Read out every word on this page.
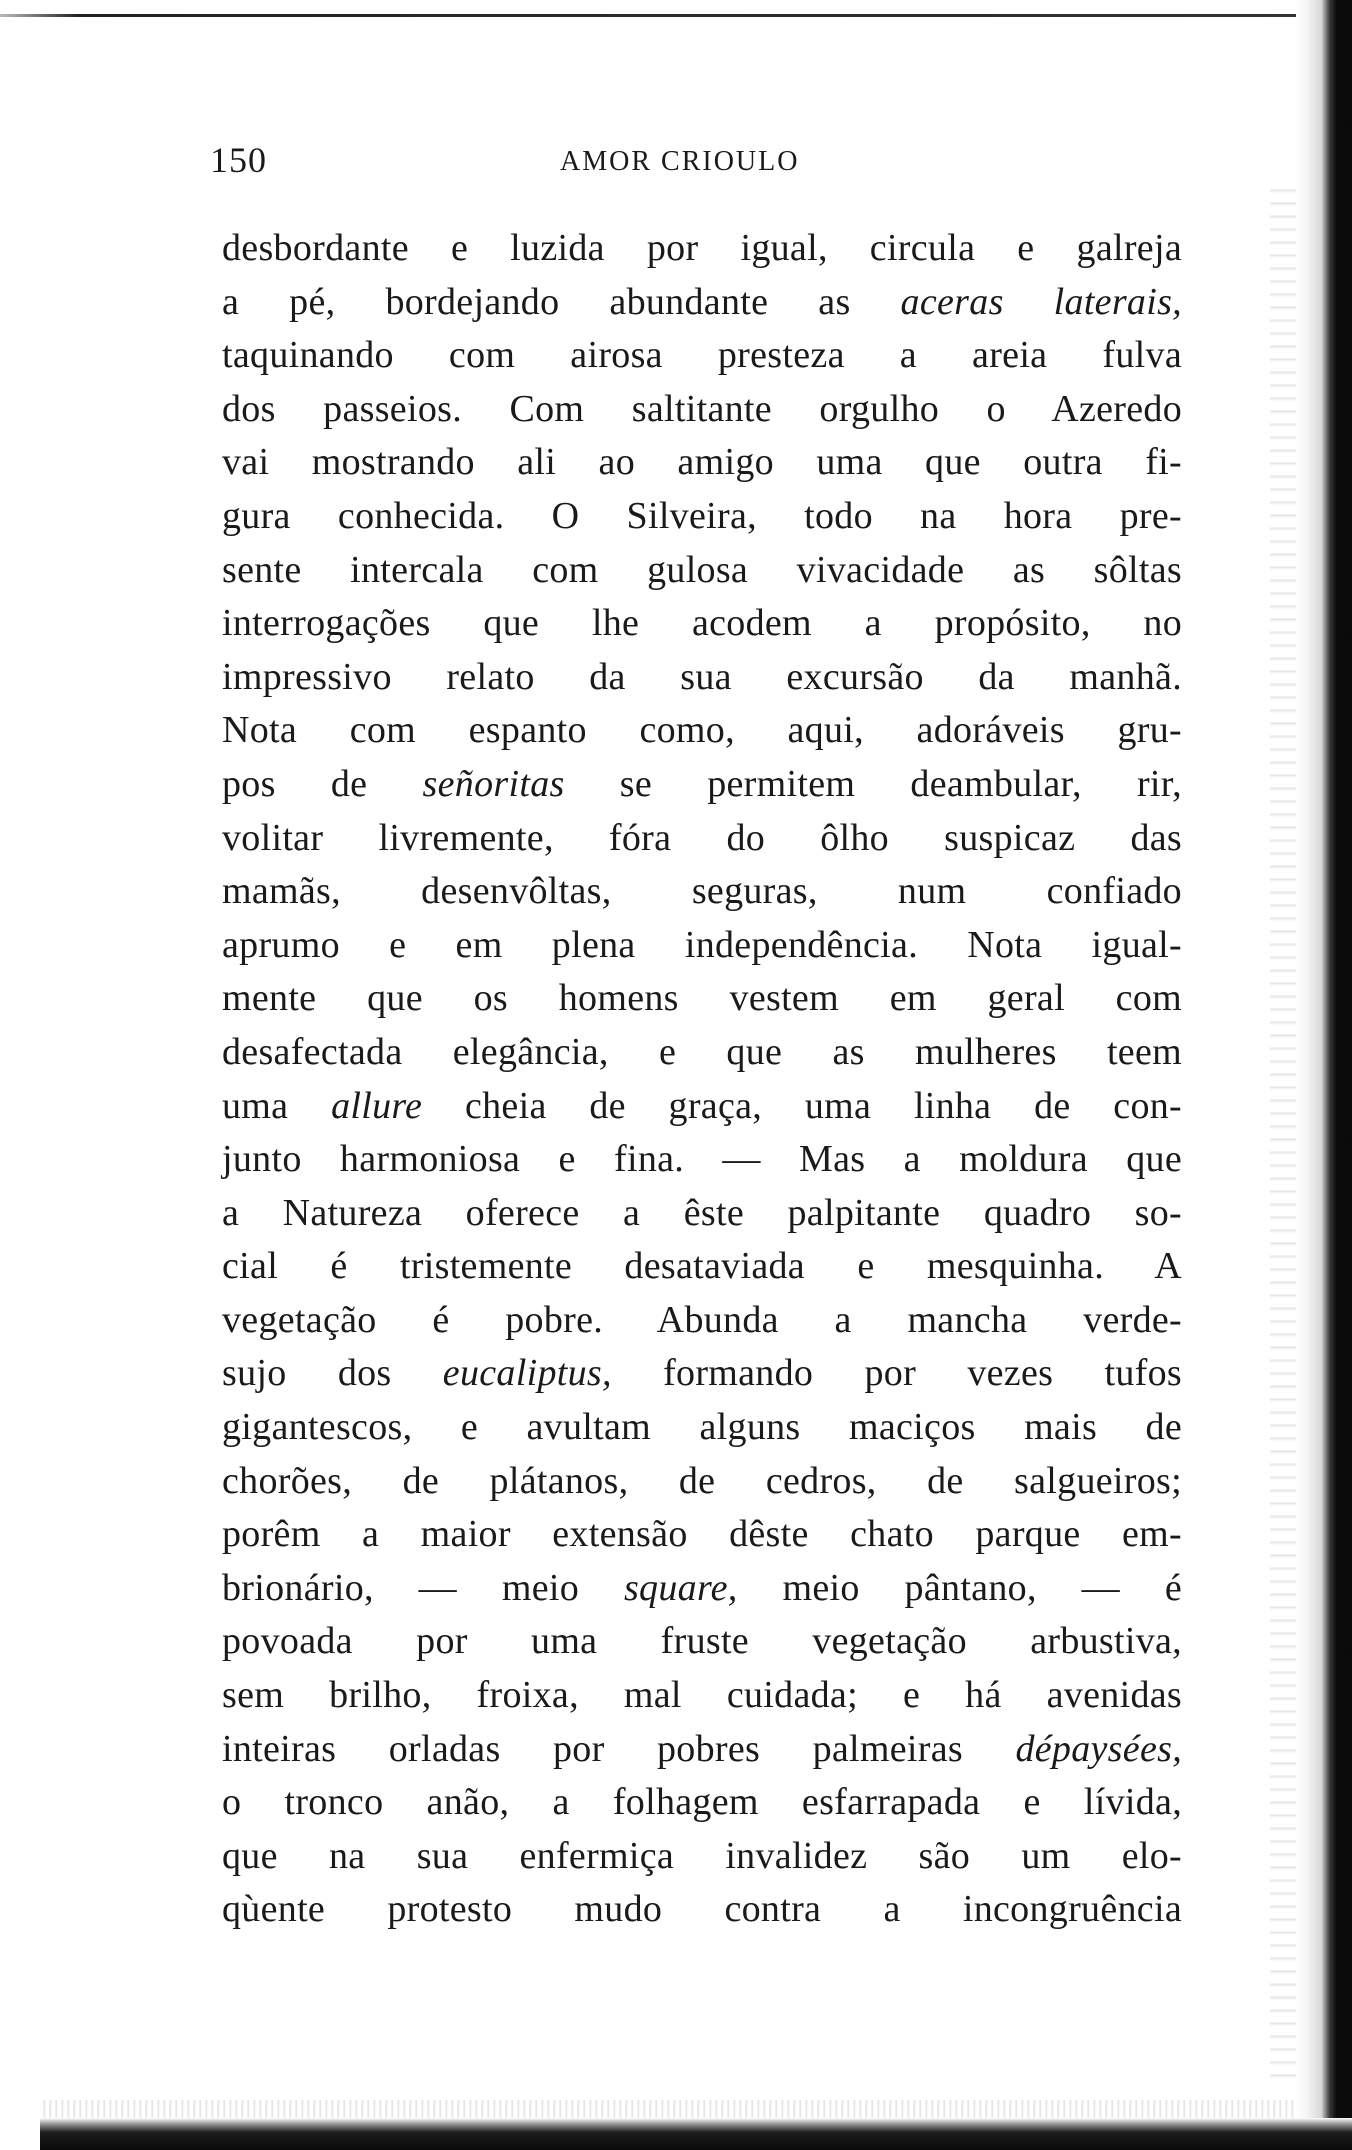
150	AMOR CRIOULO
desbordante e luzida por igual, circula e galreja
a pé, bordejando abundante as aceras laterais,
taquinando com airosa presteza a areia fulva
dos passeios. Com saltitante orgulho o Azeredo
vai mostrando ali ao amigo uma que outra fi-
gura conhecida. O Silveira, todo na hora pre-
sente intercala com gulosa vivacidade as sôltas
interrogações que lhe acodem a propósito, no
impressivo relato da sua excursão da manhã.
Nota com espanto como, aqui, adoráveis gru-
pos de señoritas se permitem deambular, rir,
volitar livremente, fóra do ôlho suspicaz das
mamãs, desenvôltas, seguras, num confiado
aprumo e em plena independência. Nota igual-
mente que os homens vestem em geral com
desafectada elegância, e que as mulheres teem
uma allure cheia de graça, uma linha de con-
junto harmoniosa e fina. — Mas a moldura que
a Natureza oferece a êste palpitante quadro so-
cial é tristemente desataviada e mesquinha. A
vegetação é pobre. Abunda a mancha verde-
sujo dos eucaliptus, formando por vezes tufos
gigantescos, e avultam alguns maciços mais de
chorões, de plátanos, de cedros, de salgueiros;
porêm a maior extensão dêste chato parque em-
brionário, — meio square, meio pântano, — é
povoada por uma fruste vegetação arbustiva,
sem brilho, froixa, mal cuidada; e há avenidas
inteiras orladas por pobres palmeiras dépaysées,
o tronco anão, a folhagem esfarrapada e lívida,
que na sua enfermiça invalidez são um elo-
qùente protesto mudo contra a incongruência
